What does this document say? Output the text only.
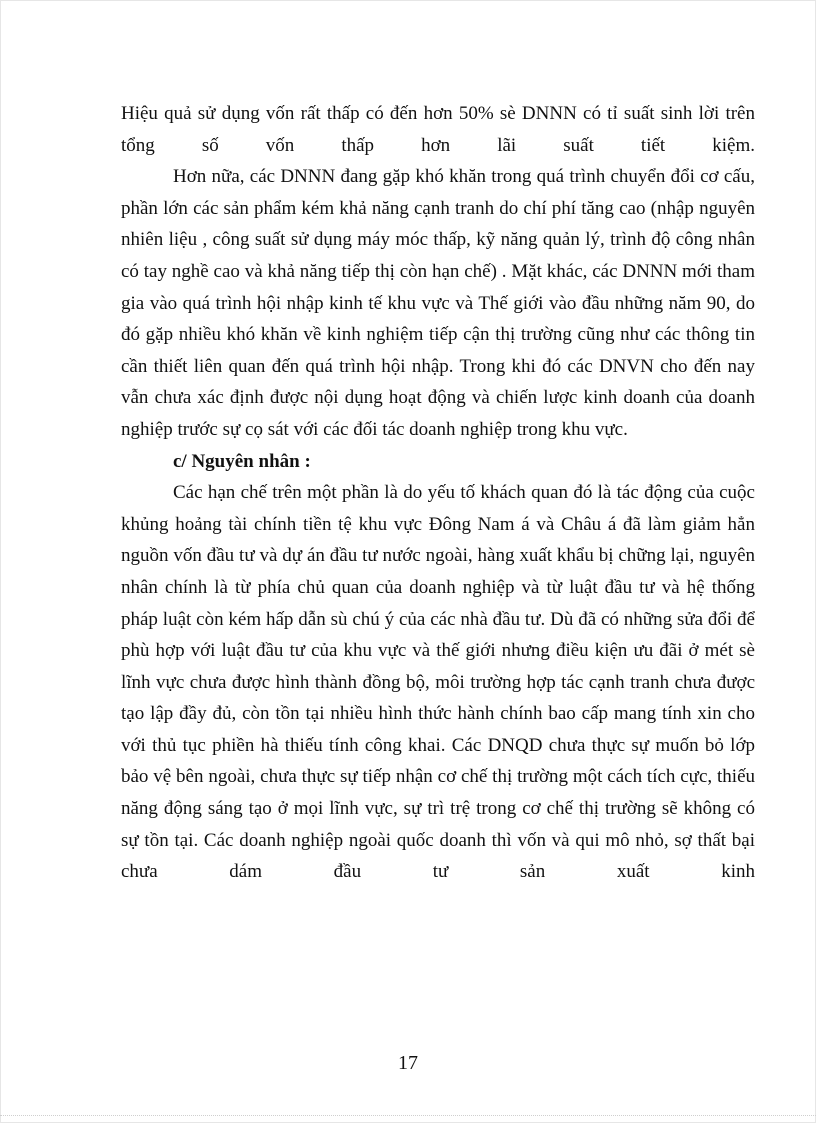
Hiệu quả sử dụng vốn rất thấp có đến hơn 50% sè DNNN có tỉ suất sinh lời trên tổng số vốn thấp hơn lãi suất tiết kiệm.

Hơn nữa, các DNNN đang gặp khó khăn trong quá trình chuyển đổi cơ cấu, phần lớn các sản phẩm kém khả năng cạnh tranh do chí phí tăng cao (nhập nguyên nhiên liệu , công suất sử dụng máy móc thấp, kỹ năng quản lý, trình độ công nhân có tay nghề cao và khả năng tiếp thị còn hạn chế) . Mặt khác, các DNNN mới tham gia vào quá trình hội nhập kinh tế khu vực và Thế giới vào đầu những năm 90, do đó gặp nhiều khó khăn về kinh nghiệm tiếp cận thị trường cũng như các thông tin cần thiết liên quan đến quá trình hội nhập. Trong khi đó các DNVN cho đến nay vẫn chưa xác định được nội dụng hoạt động và chiến lược kinh doanh của doanh nghiệp trước sự cọ sát với các đối tác doanh nghiệp trong khu vực.

c/ Nguyên nhân :

Các hạn chế trên một phần là do yếu tố khách quan đó là tác động của cuộc khủng hoảng tài chính tiền tệ khu vực Đông Nam á và Châu á đã làm giảm hẳn nguồn vốn đầu tư và dự án đầu tư nước ngoài, hàng xuất khẩu bị chững lại, nguyên nhân chính là từ phía chủ quan của doanh nghiệp và từ luật đầu tư và hệ thống pháp luật còn kém hấp dẫn sù chú ý của các nhà đầu tư. Dù đã có những sửa đổi để phù hợp với luật đầu tư của khu vực và thế giới nhưng điều kiện ưu đãi ở mét sè lĩnh vực chưa được hình thành đồng bộ, môi trường hợp tác cạnh tranh chưa được tạo lập đầy đủ, còn tồn tại nhiều hình thức hành chính bao cấp mang tính xin cho với thủ tục phiền hà thiếu tính công khai. Các DNQD chưa thực sự muốn bỏ lớp bảo vệ bên ngoài, chưa thực sự tiếp nhận cơ chế thị trường một cách tích cực, thiếu năng động sáng tạo ở mọi lĩnh vực, sự trì trệ trong cơ chế thị trường sẽ không có sự tồn tại. Các doanh nghiệp ngoài quốc doanh thì vốn và qui mô nhỏ, sợ thất bại chưa dám đầu tư sản xuất kinh

17
